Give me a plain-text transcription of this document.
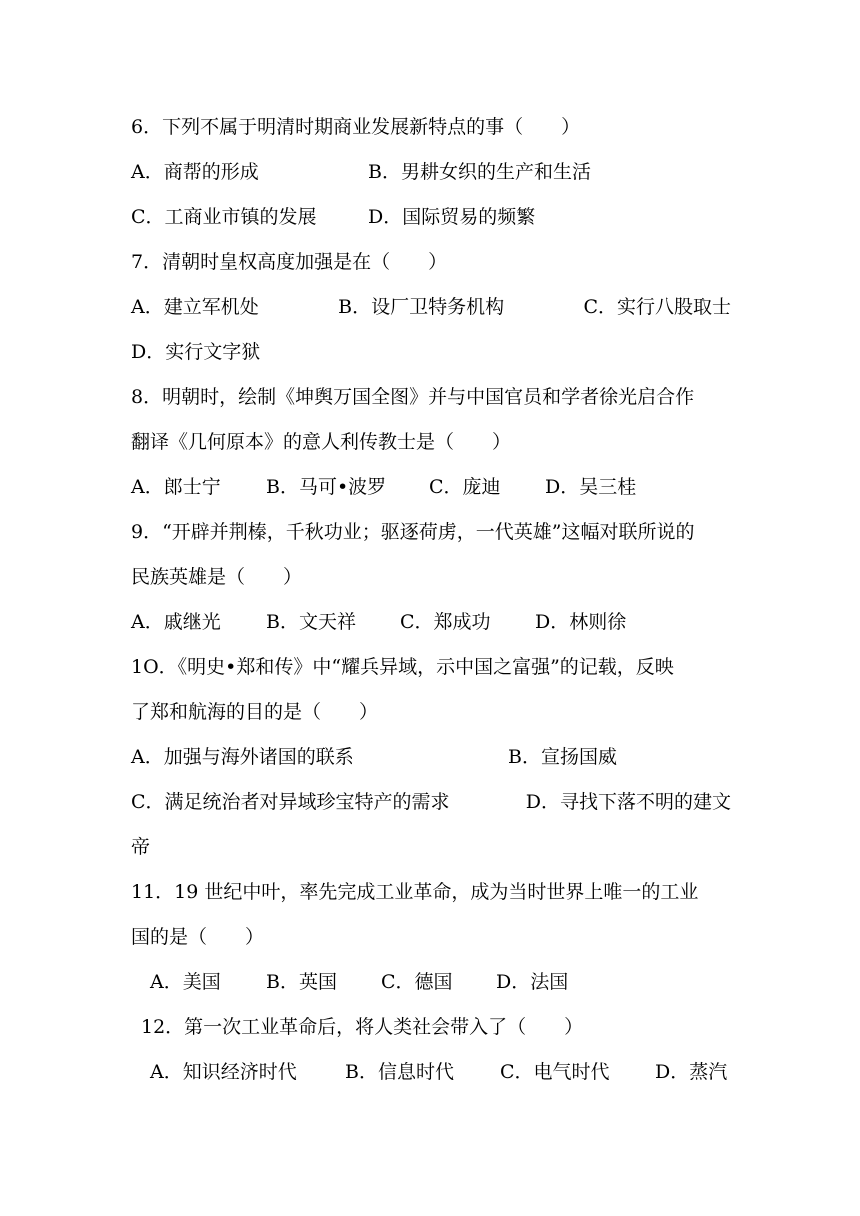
6．下列不属于明清时期商业发展新特点的事（　　）
A．商帮的形成	B．男耕女织的生产和生活
C．工商业市镇的发展	D．国际贸易的频繁
7．清朝时皇权高度加强是在（　　）
A．建立军机处	B．设厂卫特务机构	C．实行八股取士
D．实行文字狱
8．明朝时，绘制《坤舆万国全图》并与中国官员和学者徐光启合作
翻译《几何原本》的意人利传教士是（　　）
A．郎士宁 B．马可•波罗 C．庞迪 D．吴三桂
9．“开辟并荆榛，千秋功业；驱逐荷虏，一代英雄”这幅对联所说的
民族英雄是（　　）
A．戚继光 B．文天祥 C．郑成功 D．林则徐
1O．《明史•郑和传》中“耀兵异域，示中国之富强”的记载，反映
了郑和航海的目的是（　　）
A．加强与海外诸国的联系	B．宣扬国威
C．满足统治者对异域珍宝特产的需求	D．寻找下落不明的建文
帝
11．19 世纪中叶，率先完成工业革命，成为当时世界上唯一的工业
国的是（　　）
A．美国 B．英国 C．德国 D．法国
12．第一次工业革命后，将人类社会带入了（　　）
A．知识经济时代	B．信息时代 C．电气时代 D．蒸汽
